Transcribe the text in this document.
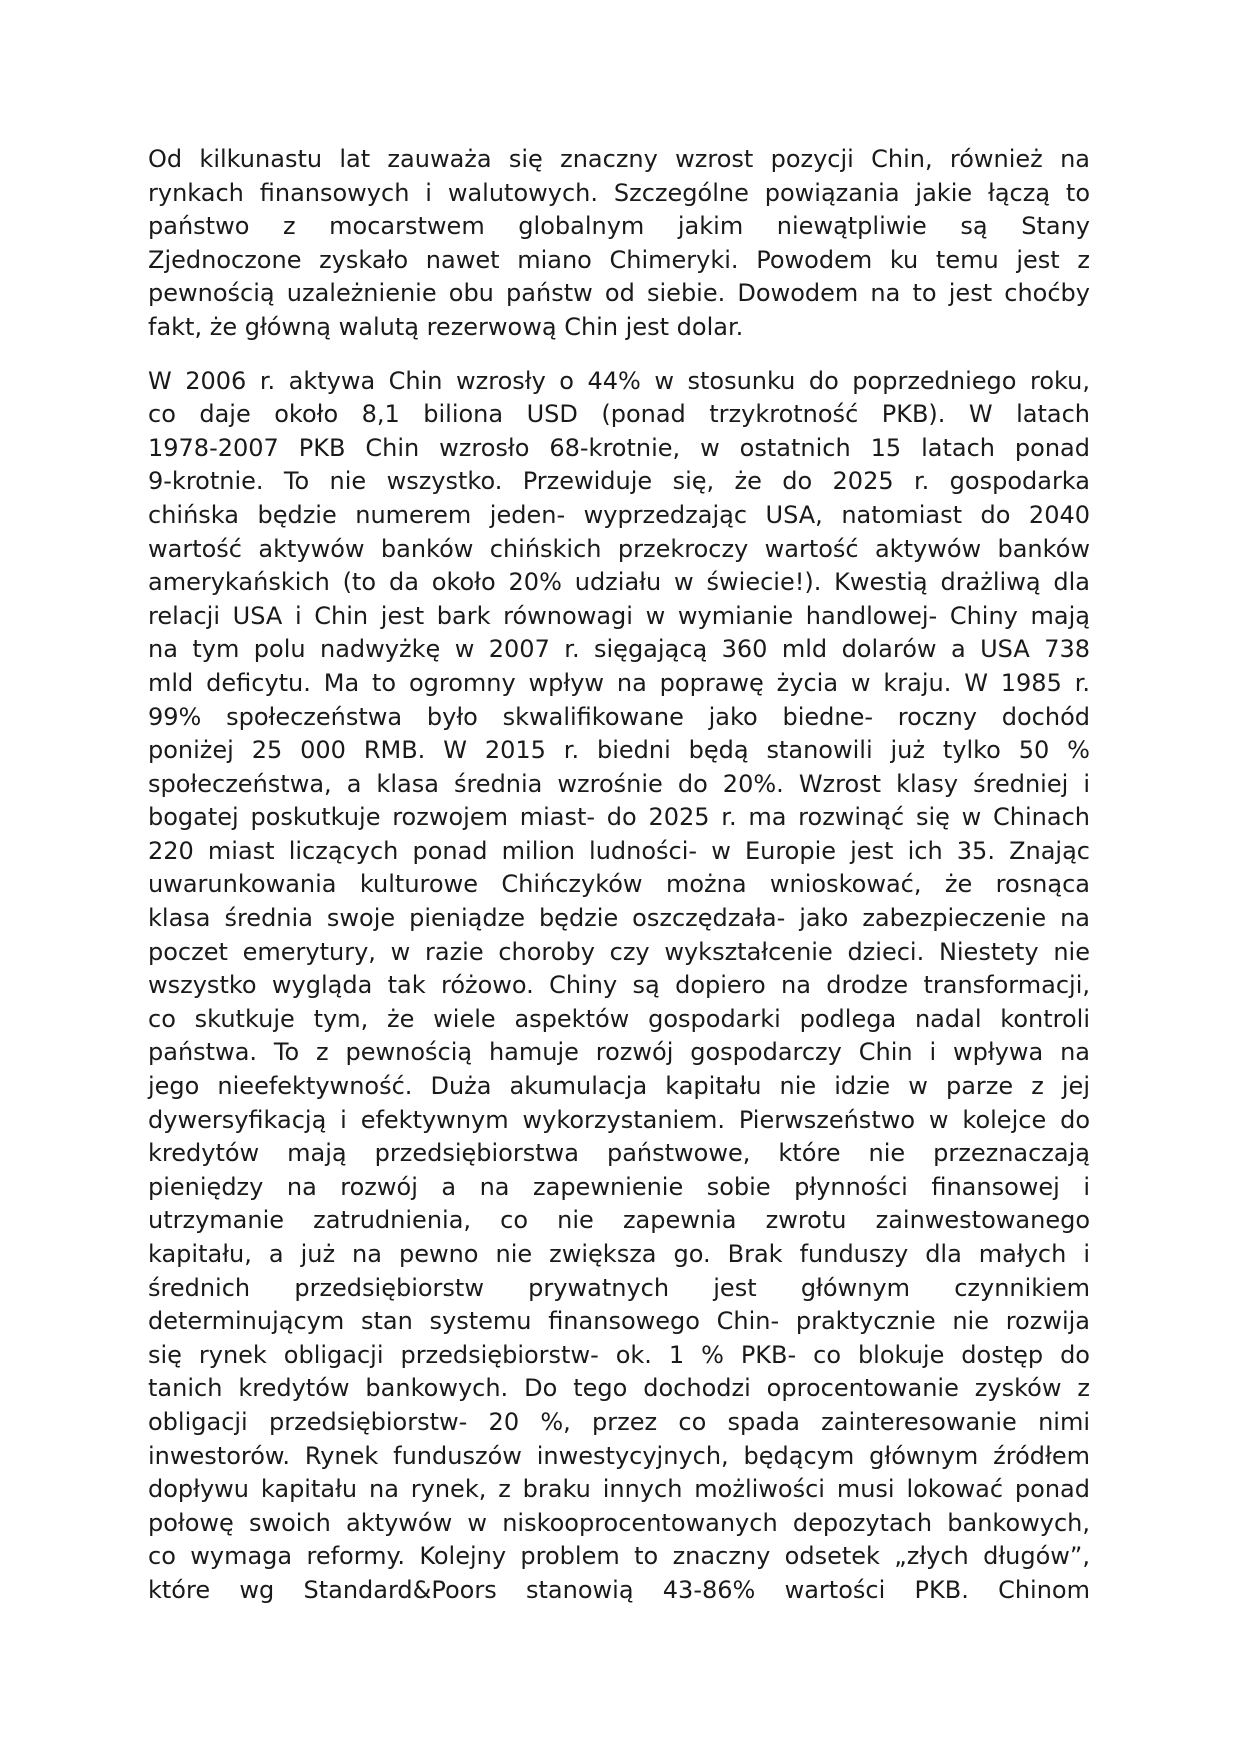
Od kilkunastu lat zauważa się znaczny wzrost pozycji Chin, również na
rynkach finansowych i walutowych. Szczególne powiązania jakie łączą to
państwo z mocarstwem globalnym jakim niewątpliwie są Stany
Zjednoczone zyskało nawet miano Chimeryki. Powodem ku temu jest z
pewnością uzależnienie obu państw od siebie. Dowodem na to jest choćby
fakt, że główną walutą rezerwową Chin jest dolar.
W 2006 r. aktywa Chin wzrosły o 44% w stosunku do poprzedniego roku,
co daje około 8,1 biliona USD (ponad trzykrotność PKB). W latach
1978-2007 PKB Chin wzrosło 68-krotnie, w ostatnich 15 latach ponad
9-krotnie. To nie wszystko. Przewiduje się, że do 2025 r. gospodarka
chińska będzie numerem jeden- wyprzedzając USA, natomiast do 2040
wartość aktywów banków chińskich przekroczy wartość aktywów banków
amerykańskich (to da około 20% udziału w świecie!). Kwestią drażliwą dla
relacji USA i Chin jest bark równowagi w wymianie handlowej- Chiny mają
na tym polu nadwyżkę w 2007 r. sięgającą 360 mld dolarów a USA 738
mld deficytu. Ma to ogromny wpływ na poprawę życia w kraju. W 1985 r.
99% społeczeństwa było skwalifikowane jako biedne- roczny dochód
poniżej 25 000 RMB. W 2015 r. biedni będą stanowili już tylko 50 %
społeczeństwa, a klasa średnia wzrośnie do 20%. Wzrost klasy średniej i
bogatej poskutkuje rozwojem miast- do 2025 r. ma rozwinąć się w Chinach
220 miast liczących ponad milion ludności- w Europie jest ich 35. Znając
uwarunkowania kulturowe Chińczyków można wnioskować, że rosnąca
klasa średnia swoje pieniądze będzie oszczędzała- jako zabezpieczenie na
poczet emerytury, w razie choroby czy wykształcenie dzieci. Niestety nie
wszystko wygląda tak różowo. Chiny są dopiero na drodze transformacji,
co skutkuje tym, że wiele aspektów gospodarki podlega nadal kontroli
państwa. To z pewnością hamuje rozwój gospodarczy Chin i wpływa na
jego nieefektywność. Duża akumulacja kapitału nie idzie w parze z jej
dywersyfikacją i efektywnym wykorzystaniem. Pierwszeństwo w kolejce do
kredytów mają przedsiębiorstwa państwowe, które nie przeznaczają
pieniędzy na rozwój a na zapewnienie sobie płynności finansowej i
utrzymanie zatrudnienia, co nie zapewnia zwrotu zainwestowanego
kapitału, a już na pewno nie zwiększa go. Brak funduszy dla małych i
średnich przedsiębiorstw prywatnych jest głównym czynnikiem
determinującym stan systemu finansowego Chin- praktycznie nie rozwija
się rynek obligacji przedsiębiorstw- ok. 1 % PKB- co blokuje dostęp do
tanich kredytów bankowych. Do tego dochodzi oprocentowanie zysków z
obligacji przedsiębiorstw- 20 %, przez co spada zainteresowanie nimi
inwestorów. Rynek funduszów inwestycyjnych, będącym głównym źródłem
dopływu kapitału na rynek, z braku innych możliwości musi lokować ponad
połowę swoich aktywów w niskooprocentowanych depozytach bankowych,
co wymaga reformy. Kolejny problem to znaczny odsetek „złych długów”,
które wg Standard&Poors stanowią 43-86% wartości PKB. Chinom
